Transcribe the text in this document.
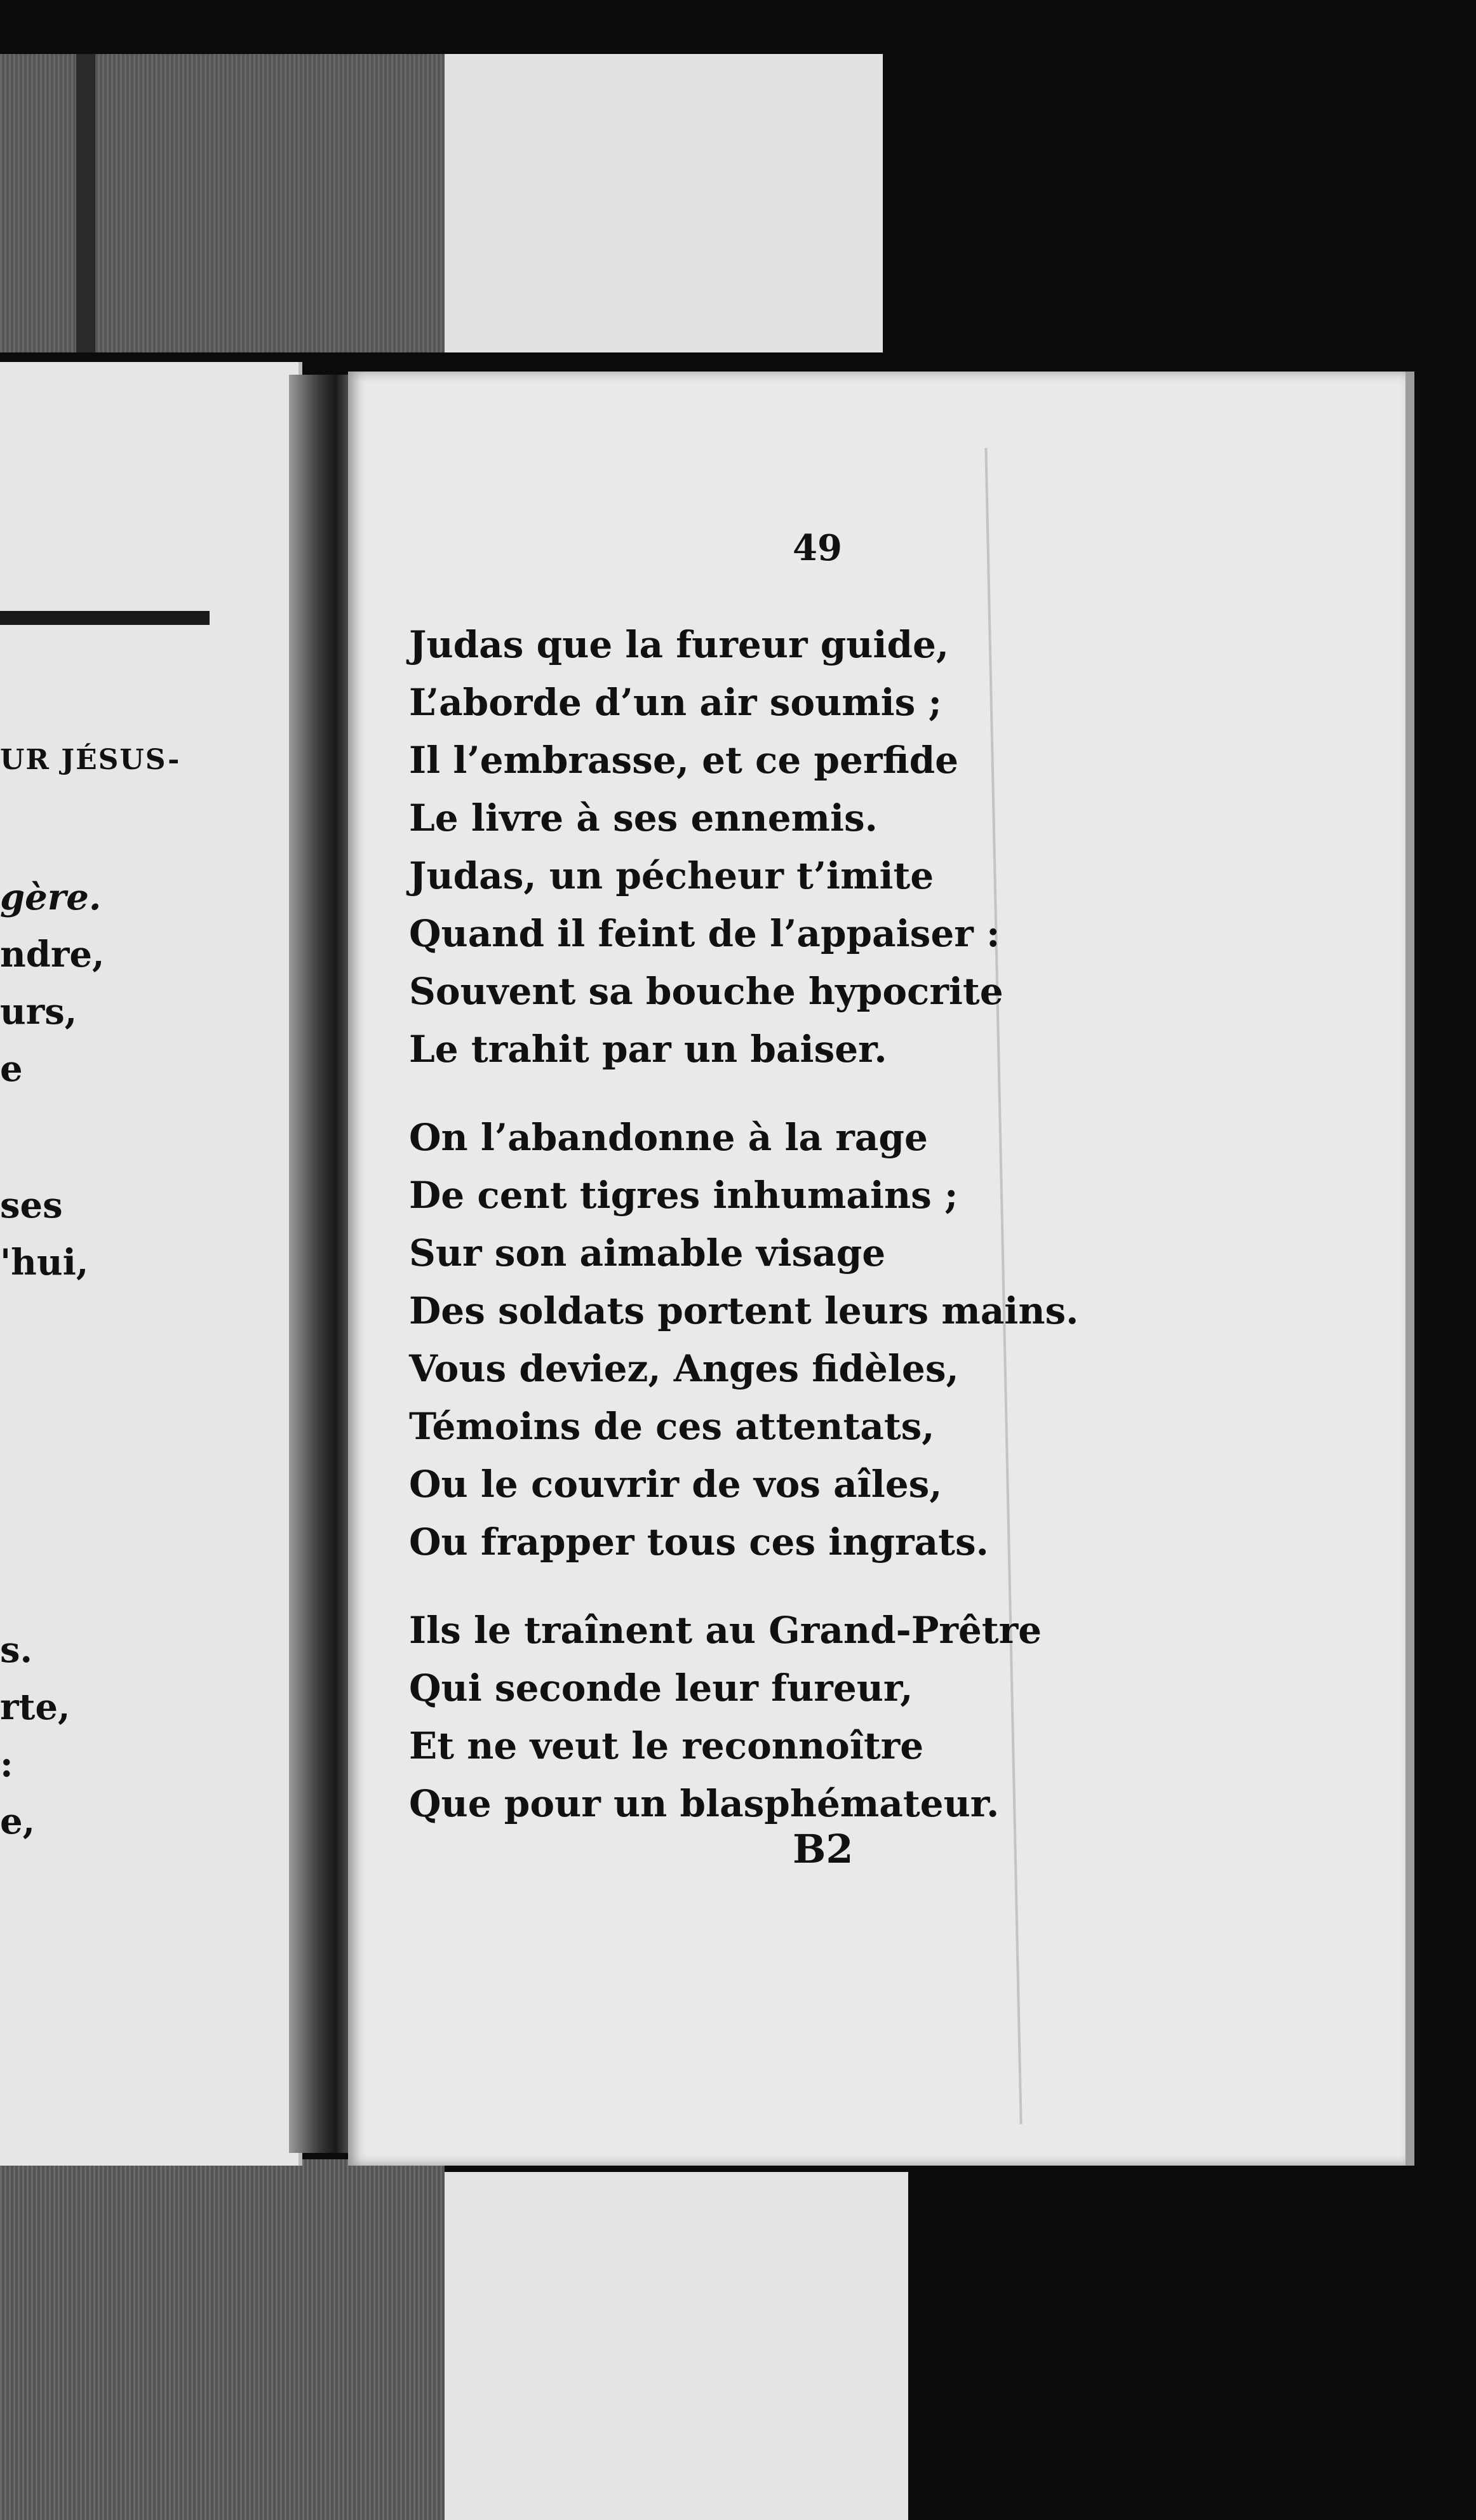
UR JÉSUS-
gère.
ndre,
urs,
e
ses
'hui,
s.
rte,
:
e,
49
Judas que la fureur guide,
L’aborde d’un air soumis ;
Il l’embrasse, et ce perfide
Le livre à ses ennemis.
Judas, un pécheur t’imite
Quand il feint de l’appaiser :
Souvent sa bouche hypocrite
Le trahit par un baiser.
On l’abandonne à la rage
De cent tigres inhumains ;
Sur son aimable visage
Des soldats portent leurs mains.
Vous deviez, Anges fidèles,
Témoins de ces attentats,
Ou le couvrir de vos aîles,
Ou frapper tous ces ingrats.
Ils le traînent au Grand-Prêtre
Qui seconde leur fureur,
Et ne veut le reconnoître
Que pour un blasphémateur.
B2
